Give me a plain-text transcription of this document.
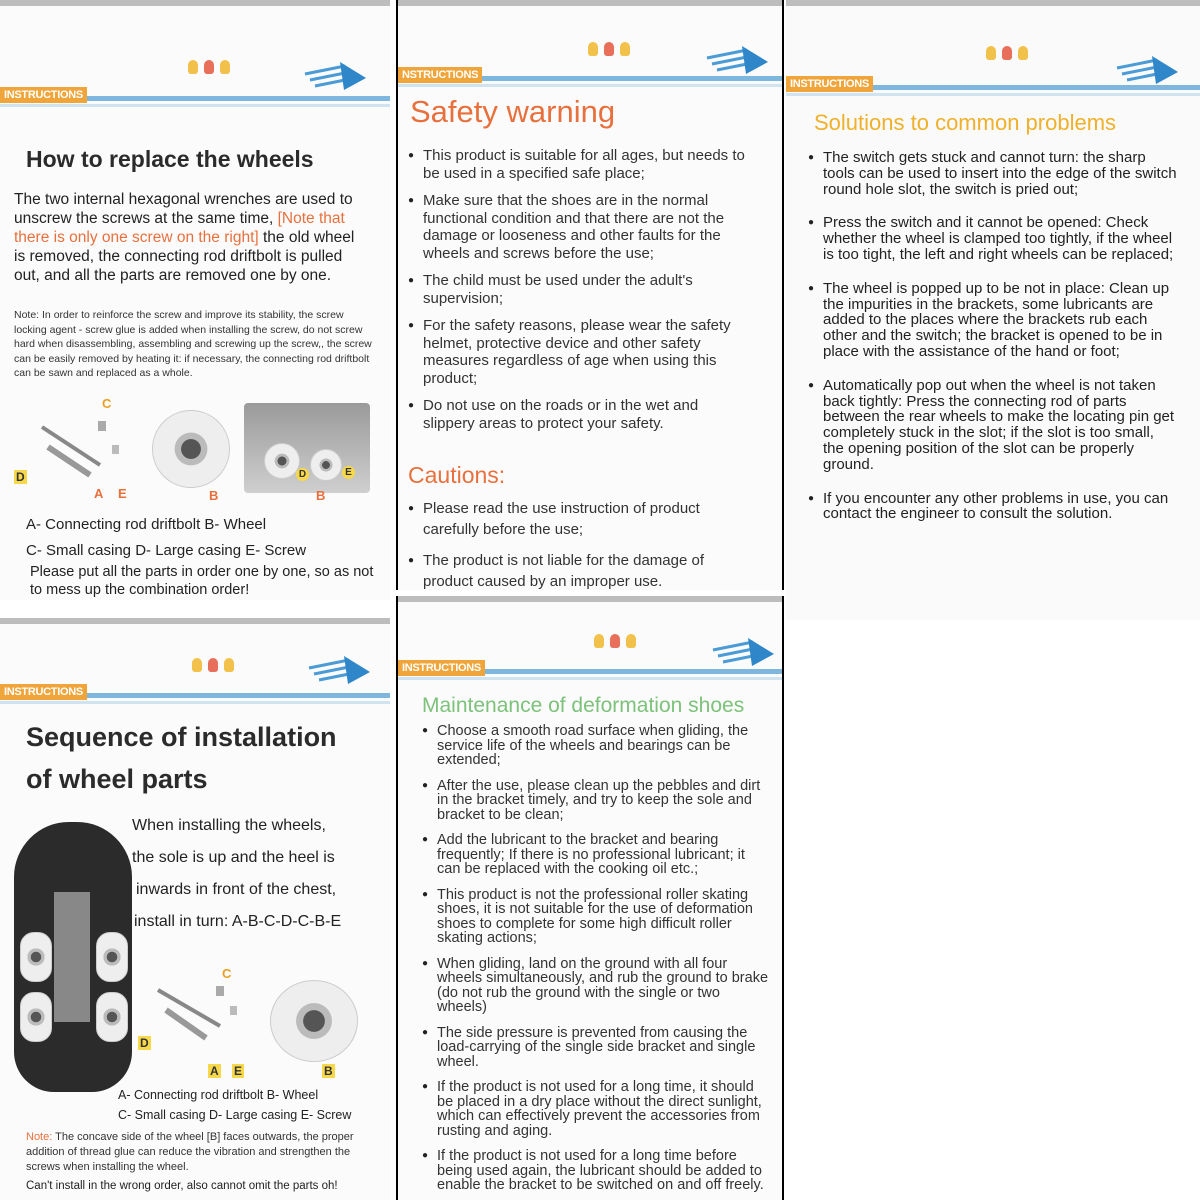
INSTRUCTIONS
How to replace the wheels
The two internal hexagonal wrenches are used to unscrew the screws at the same time, [Note that there is only one screw on the right] the old wheel is removed, the connecting rod driftbolt is pulled out, and all the parts are removed one by one.
Note: In order to reinforce the screw and improve its stability, the screw locking agent - screw glue is added when installing the screw, do not screw hard when disassembling, assembling and screwing up the screw,, the screw can be easily removed by heating it: if necessary, the connecting rod driftbolt can be sawn and replaced as a whole.
C
D
A E	B
D	E
B
A- Connecting rod driftbolt B- Wheel
C- Small casing D- Large casing E- Screw
Please put all the parts in order one by one, so as not to mess up the combination order!
NSTRUCTIONS
Safety warning
● This product is suitable for all ages, but needs to be used in a specified safe place;
● Make sure that the shoes are in the normal functional condition and that there are not the damage or looseness and other faults for the wheels and screws before the use;
● The child must be used under the adult's supervision;
● For the safety reasons, please wear the safety helmet, protective device and other safety measures regardless of age when using this product;
● Do not use on the roads or in the wet and slippery areas to protect your safety.
Cautions:
● Please read the use instruction of product carefully before the use;
● The product is not liable for the damage of product caused by an improper use.
INSTRUCTIONS
Solutions to common problems
● The switch gets stuck and cannot turn: the sharp tools can be used to insert into the edge of the switch round hole slot, the switch is pried out;
● Press the switch and it cannot be opened: Check whether the wheel is clamped too tightly, if the wheel is too tight, the left and right wheels can be replaced;
● The wheel is popped up to be not in place: Clean up the impurities in the brackets, some lubricants are added to the places where the brackets rub each other and the switch; the bracket is opened to be in place with the assistance of the hand or foot;
● Automatically pop out when the wheel is not taken back tightly: Press the connecting rod of parts between the rear wheels to make the locating pin get completely stuck in the slot; if the slot is too small, the opening position of the slot can be properly ground.
● If you encounter any other problems in use, you can contact the engineer to consult the solution.
INSTRUCTIONS
Sequence of installation
of wheel parts
When installing the wheels,
the sole is up and the heel is
inwards in front of the chest,
install in turn: A-B-C-D-C-B-E
C
D
A E	B
A- Connecting rod driftbolt B- Wheel
C- Small casing D- Large casing E- Screw
Note: The concave side of the wheel [B] faces outwards, the proper addition of thread glue can reduce the vibration and strengthen the screws when installing the wheel.
Can't install in the wrong order, also cannot omit the parts oh!
INSTRUCTIONS
Maintenance of deformation shoes
● Choose a smooth road surface when gliding, the service life of the wheels and bearings can be extended;
● After the use, please clean up the pebbles and dirt in the bracket timely, and try to keep the sole and bracket to be clean;
● Add the lubricant to the bracket and bearing frequently; If there is no professional lubricant; it can be replaced with the cooking oil etc.;
● This product is not the professional roller skating shoes, it is not suitable for the use of deformation shoes to complete for some high difficult roller skating actions;
● When gliding, land on the ground with all four wheels simultaneously, and rub the ground to brake (do not rub the ground with the single or two wheels)
● The side pressure is prevented from causing the load-carrying of the single side bracket and single wheel.
● If the product is not used for a long time, it should be placed in a dry place without the direct sunlight, which can effectively prevent the accessories from rusting and aging.
● If the product is not used for a long time before being used again, the lubricant should be added to enable the bracket to be switched on and off freely.
